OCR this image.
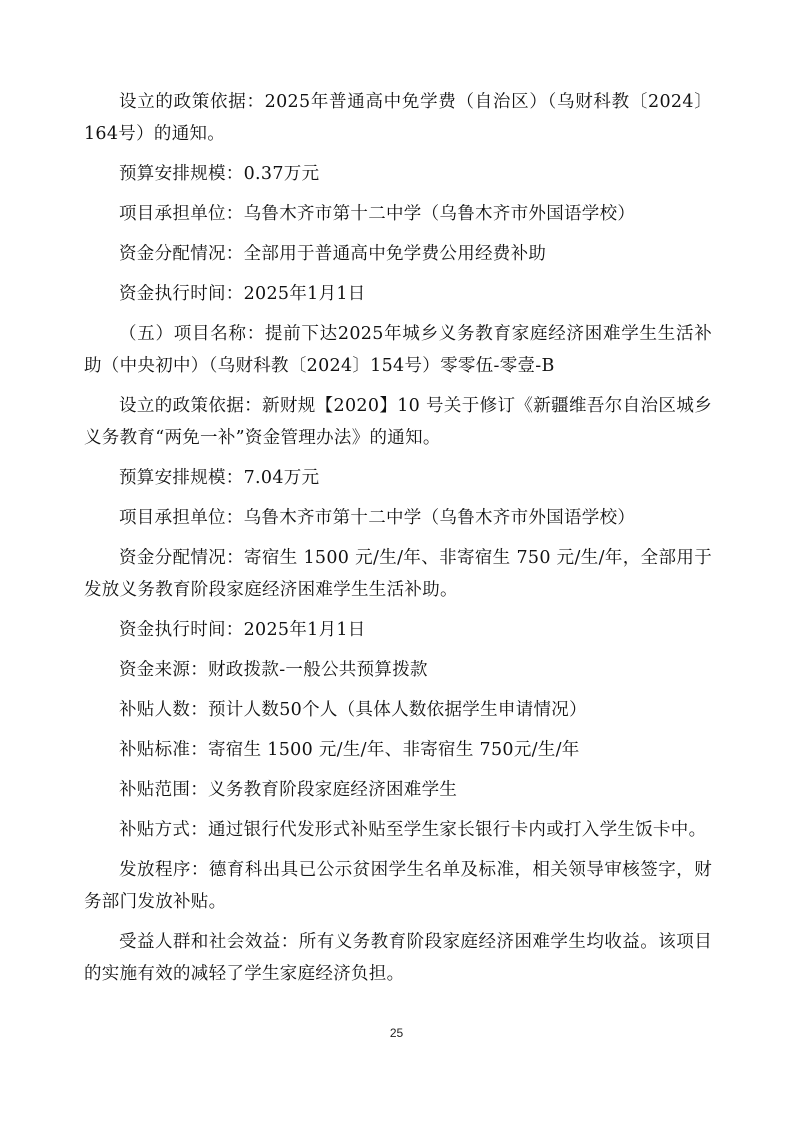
设立的政策依据：2025年普通高中免学费（自治区）（乌财科教〔2024〕164号）的通知。

预算安排规模：0.37万元

项目承担单位：乌鲁木齐市第十二中学（乌鲁木齐市外国语学校）

资金分配情况：全部用于普通高中免学费公用经费补助

资金执行时间：2025年1月1日

（五）项目名称：提前下达2025年城乡义务教育家庭经济困难学生生活补助（中央初中）（乌财科教〔2024〕154号）零零伍-零壹-B

设立的政策依据：新财规【2020】10 号关于修订《新疆维吾尔自治区城乡义务教育“两免一补”资金管理办法》的通知。

预算安排规模：7.04万元

项目承担单位：乌鲁木齐市第十二中学（乌鲁木齐市外国语学校）

资金分配情况：寄宿生 1500 元/生/年、非寄宿生 750 元/生/年，全部用于发放义务教育阶段家庭经济困难学生生活补助。

资金执行时间：2025年1月1日

资金来源：财政拨款-一般公共预算拨款

补贴人数：预计人数50个人（具体人数依据学生申请情况）

补贴标准：寄宿生 1500 元/生/年、非寄宿生 750元/生/年

补贴范围：义务教育阶段家庭经济困难学生

补贴方式：通过银行代发形式补贴至学生家长银行卡内或打入学生饭卡中。

发放程序：德育科出具已公示贫困学生名单及标准，相关领导审核签字，财务部门发放补贴。

受益人群和社会效益：所有义务教育阶段家庭经济困难学生均收益。该项目的实施有效的减轻了学生家庭经济负担。

25
